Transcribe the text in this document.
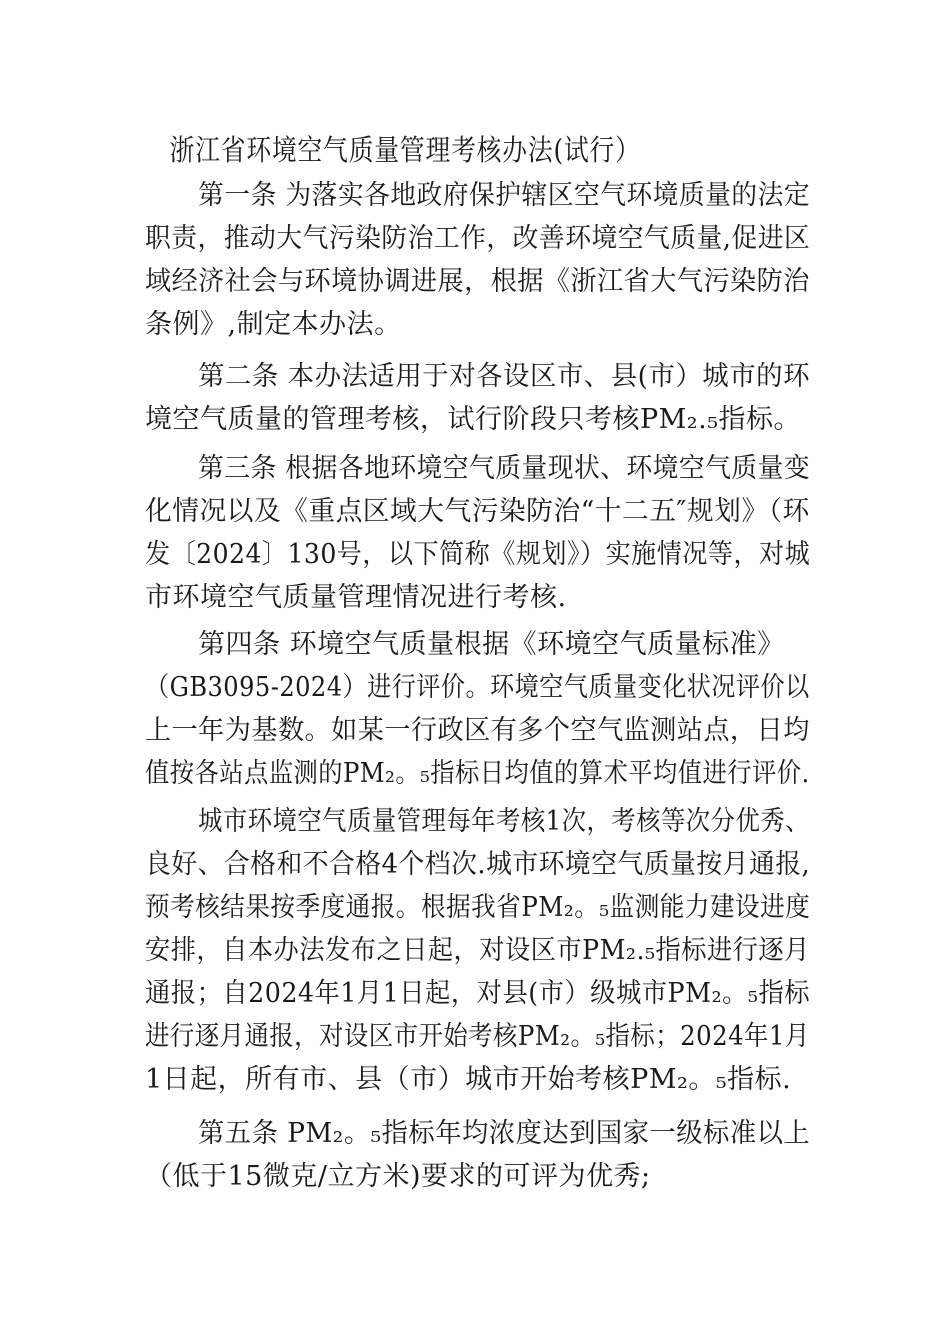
浙江省环境空气质量管理考核办法(试行）
第一条 为落实各地政府保护辖区空气环境质量的法定
职责，推动大气污染防治工作，改善环境空气质量,促进区
域经济社会与环境协调进展，根据《浙江省大气污染防治
条例》,制定本办法。
第二条 本办法适用于对各设区市、县(市）城市的环
境空气质量的管理考核，试行阶段只考核PM₂.₅指标。
第三条 根据各地环境空气质量现状、环境空气质量变
化情况以及《重点区域大气污染防治“十二五″规划》（环
发〔2024〕130号，以下简称《规划》）实施情况等，对城
市环境空气质量管理情况进行考核.
第四条 环境空气质量根据《环境空气质量标准》
（GB3095-2024）进行评价。环境空气质量变化状况评价以
上一年为基数。如某一行政区有多个空气监测站点，日均
值按各站点监测的PM₂。₅指标日均值的算术平均值进行评价.
城市环境空气质量管理每年考核1次，考核等次分优秀、
良好、合格和不合格4个档次.城市环境空气质量按月通报,
预考核结果按季度通报。根据我省PM₂。₅监测能力建设进度
安排，自本办法发布之日起，对设区市PM₂.₅指标进行逐月
通报；自2024年1月1日起，对县(市）级城市PM₂。₅指标
进行逐月通报，对设区市开始考核PM₂。₅指标；2024年1月
1日起，所有市、县（市）城市开始考核PM₂。₅指标.
第五条 PM₂。₅指标年均浓度达到国家一级标准以上
（低于15微克/立方米)要求的可评为优秀;
